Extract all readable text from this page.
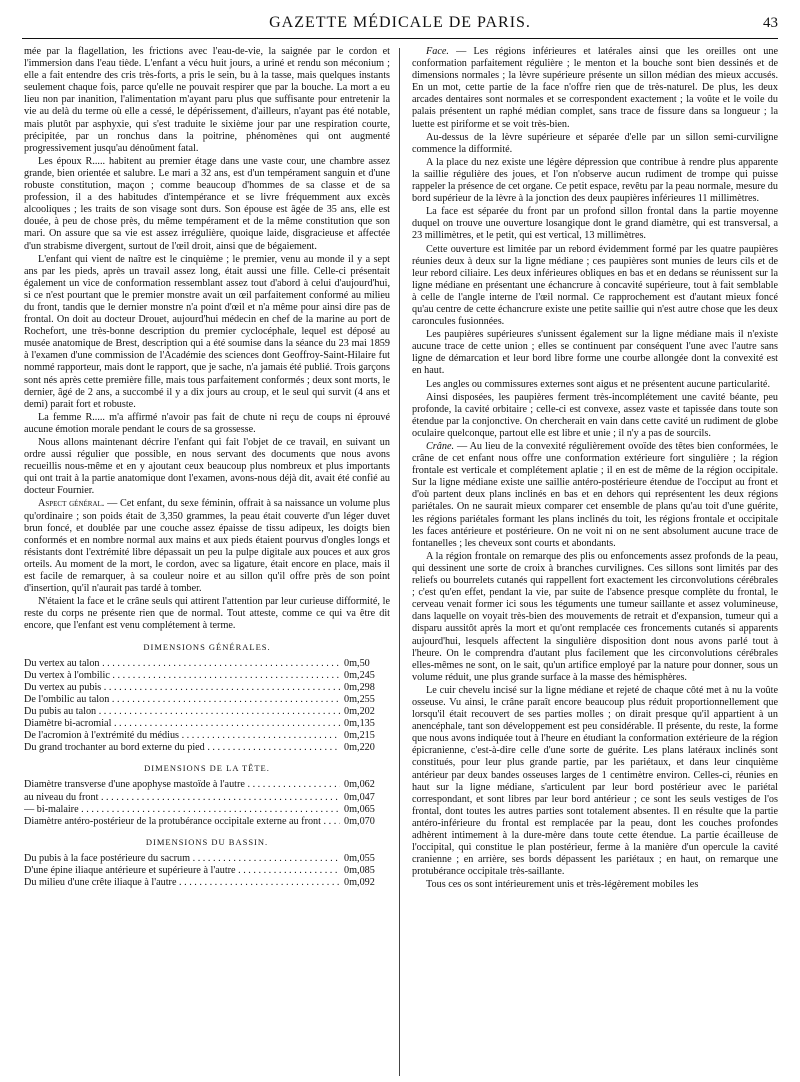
GAZETTE MÉDICALE DE PARIS.	43

mée par la flagellation, les frictions avec l'eau-de-vie, la saignée par le cordon et l'immersion dans l'eau tiède. L'enfant a vécu huit jours, a uriné et rendu son méconium ; elle a fait entendre des cris très-forts, a pris le sein, bu à la tasse, mais quelques instants seulement chaque fois, parce qu'elle ne pouvait respirer que par la bouche. La mort a eu lieu non par inanition, l'alimentation m'ayant paru plus que suffisante pour entretenir la vie au delà du terme où elle a cessé, le dépérissement, d'ailleurs, n'ayant pas été notable, mais plutôt par asphyxie, qui s'est traduite le sixième jour par une respiration courte, précipitée, par un ronchus dans la poitrine, phénomènes qui ont augmenté progressivement jusqu'au dénoûment fatal.

Les époux R..... habitent au premier étage dans une vaste cour, une chambre assez grande, bien orientée et salubre. Le mari a 32 ans, est d'un tempérament sanguin et d'une robuste constitution, maçon ; comme beaucoup d'hommes de sa classe et de sa profession, il a des habitudes d'intempérance et se livre fréquemment aux excès alcooliques ; les traits de son visage sont durs. Son épouse est âgée de 35 ans, elle est douée, à peu de chose près, du même tempérament et de la même constitution que son mari. On assure que sa vie est assez irrégulière, quoique laide, disgracieuse et affectée d'un strabisme divergent, surtout de l'œil droit, ainsi que de bégaiement.

L'enfant qui vient de naître est le cinquième ; le premier, venu au monde il y a sept ans par les pieds, après un travail assez long, était aussi une fille. Celle-ci présentait également un vice de conformation ressemblant assez tout d'abord à celui d'aujourd'hui, si ce n'est pourtant que le premier monstre avait un œil parfaitement conformé au milieu du front, tandis que le dernier monstre n'a point d'œil et n'a même pour ainsi dire pas de frontal. On doit au docteur Drouet, aujourd'hui médecin en chef de la marine au port de Rochefort, une très-bonne description du premier cyclocéphale, lequel est déposé au musée anatomique de Brest, description qui a été soumise dans la séance du 23 mai 1859 à l'examen d'une commission de l'Académie des sciences dont Geoffroy-Saint-Hilaire fut nommé rapporteur, mais dont le rapport, que je sache, n'a jamais été publié. Trois garçons sont nés après cette première fille, mais tous parfaitement conformés ; deux sont morts, le dernier, âgé de 2 ans, a succombé il y a dix jours au croup, et le seul qui survit (4 ans et demi) parait fort et robuste.

La femme R..... m'a affirmé n'avoir pas fait de chute ni reçu de coups ni éprouvé aucune émotion morale pendant le cours de sa grossesse.

Nous allons maintenant décrire l'enfant qui fait l'objet de ce travail, en suivant un ordre aussi régulier que possible, en nous servant des documents que nous avons recueillis nous-même et en y ajoutant ceux beaucoup plus nombreux et plus importants qui ont trait à la partie anatomique dont l'examen, avons-nous déjà dit, avait été confié au docteur Fournier.

Aspect général. — Cet enfant, du sexe féminin, offrait à sa naissance un volume plus qu'ordinaire ; son poids était de 3,350 grammes, la peau était couverte d'un léger duvet brun foncé, et doublée par une couche assez épaisse de tissu adipeux, les doigts bien conformés et en nombre normal aux mains et aux pieds étaient pourvus d'ongles longs et résistants dont l'extrémité libre dépassait un peu la pulpe digitale aux pouces et aux gros orteils. Au moment de la mort, le cordon, avec sa ligature, était encore en place, mais il est facile de remarquer, à sa couleur noire et au sillon qu'il offre près de son point d'insertion, qu'il n'aurait pas tardé à tomber.

N'étaient la face et le crâne seuls qui attirent l'attention par leur curieuse difformité, le reste du corps ne présente rien que de normal. Tout atteste, comme ce qui va être dit encore, que l'enfant est venu complétement à terme.

DIMENSIONS GÉNÉRALES.
Du vertex au talon . . .	0m,50
Du vertex à l'ombilic . . .	0m,245
Du vertex au pubis . . .	0m,298
De l'ombilic au talon . . .	0m,255
Du pubis au talon . . .	0m,202
Diamètre bi-acromial . . .	0m,135
De l'acromion à l'extrémité du médius . . .	0m,215
Du grand trochanter au bord externe du pied . . .	0m,220
DIMENSIONS DE LA TÊTE.
Diamètre transverse d'une apophyse mastoïde à l'autre . . .	0m,062
au niveau du front . . .	0m,047
— bi-malaire . . .	0m,065
Diamètre antéro-postérieur de la protubérance occipitale externe au front . . .	0m,070
DIMENSIONS DU BASSIN.
Du pubis à la face postérieure du sacrum . . .	0m,055
D'une épine iliaque antérieure et supérieure à l'autre . . .	0m,085
Du milieu d'une crête iliaque à l'autre . . .	0m,092

Face. — Les régions inférieures et latérales ainsi que les oreilles ont une conformation parfaitement régulière ; le menton et la bouche sont bien dessinés et de dimensions normales ; la lèvre supérieure présente un sillon médian des mieux accusés. En un mot, cette partie de la face n'offre rien que de très-naturel. De plus, les deux arcades dentaires sont normales et se correspondent exactement ; la voûte et le voile du palais présentent un raphé médian complet, sans trace de fissure dans sa longueur ; la luette est piriforme et se voit très-bien.

Au-dessus de la lèvre supérieure et séparée d'elle par un sillon semi-curviligne commence la difformité.

A la place du nez existe une légère dépression que contribue à rendre plus apparente la saillie régulière des joues, et l'on n'observe aucun rudiment de trompe qui puisse rappeler la présence de cet organe. Ce petit espace, revêtu par la peau normale, mesure du bord supérieur de la lèvre à la jonction des deux paupières inférieures 11 millimètres.

La face est séparée du front par un profond sillon frontal dans la partie moyenne duquel on trouve une ouverture losangique dont le grand diamètre, qui est transversal, a 23 millimètres, et le petit, qui est vertical, 13 millimètres.

Cette ouverture est limitée par un rebord évidemment formé par les quatre paupières réunies deux à deux sur la ligne médiane ; ces paupières sont munies de leurs cils et de leur rebord ciliaire. Les deux inférieures obliques en bas et en dedans se réunissent sur la ligne médiane en présentant une échancrure à concavité supérieure, tout à fait semblable à celle de l'angle interne de l'œil normal. Ce rapprochement est d'autant mieux foncé qu'au centre de cette échancrure existe une petite saillie qui n'est autre chose que les deux caroncules fusionnées.

Les paupières supérieures s'unissent également sur la ligne médiane mais il n'existe aucune trace de cette union ; elles se continuent par conséquent l'une avec l'autre sans ligne de démarcation et leur bord libre forme une courbe allongée dont la convexité est en haut.

Les angles ou commissures externes sont aigus et ne présentent aucune particularité.

Ainsi disposées, les paupières ferment très-incomplétement une cavité béante, peu profonde, la cavité orbitaire ; celle-ci est convexe, assez vaste et tapissée dans toute son étendue par la conjonctive. On chercherait en vain dans cette cavité un rudiment de globe oculaire quelconque, partout elle est libre et unie ; il n'y a pas de sourcils.

Crâne. — Au lieu de la convexité régulièrement ovoïde des têtes bien conformées, le crâne de cet enfant nous offre une conformation extérieure fort singulière ; la région frontale est verticale et complétement aplatie ; il en est de même de la région occipitale. Sur la ligne médiane existe une saillie antéro-postérieure étendue de l'occiput au front et d'où partent deux plans inclinés en bas et en dehors qui représentent les deux régions pariétales. On ne saurait mieux comparer cet ensemble de plans qu'au toit d'une guérite, les régions pariétales formant les plans inclinés du toit, les régions frontale et occipitale les faces antérieure et postérieure. On ne voit ni on ne sent absolument aucune trace de fontanelles ; les cheveux sont courts et abondants.

A la région frontale on remarque des plis ou enfoncements assez profonds de la peau, qui dessinent une sorte de croix à branches curvilignes. Ces sillons sont limités par des reliefs ou bourrelets cutanés qui rappellent fort exactement les circonvolutions cérébrales ; c'est qu'en effet, pendant la vie, par suite de l'absence presque complète du frontal, le cerveau venait former ici sous les téguments une tumeur saillante et assez volumineuse, dans laquelle on voyait très-bien des mouvements de retrait et d'expansion, tumeur qui a disparu aussitôt après la mort et qu'ont remplacée ces froncements cutanés si apparents aujourd'hui, lesquels affectent la singulière disposition dont nous avons parlé tout à l'heure. On le comprendra d'autant plus facilement que les circonvolutions cérébrales elles-mêmes ne sont, on le sait, qu'un artifice employé par la nature pour donner, sous un volume réduit, une plus grande surface à la masse des hémisphères.

Le cuir chevelu incisé sur la ligne médiane et rejeté de chaque côté met à nu la voûte osseuse. Vu ainsi, le crâne paraît encore beaucoup plus réduit proportionnellement que lorsqu'il était recouvert de ses parties molles ; on dirait presque qu'il appartient à un anencéphale, tant son développement est peu considérable. Il présente, du reste, la forme que nous avons indiquée tout à l'heure en étudiant la conformation extérieure de la région épicranienne, c'est-à-dire celle d'une sorte de guérite. Les plans latéraux inclinés sont constitués, pour leur plus grande partie, par les pariétaux, et dans leur cinquième antérieur par deux bandes osseuses larges de 1 centimètre environ. Celles-ci, réunies en haut sur la ligne médiane, s'articulent par leur bord postérieur avec le pariétal correspondant, et sont libres par leur bord antérieur ; ce sont les seuls vestiges de l'os frontal, dont toutes les autres parties sont totalement absentes. Il en résulte que la partie antéro-inférieure du frontal est remplacée par la peau, dont les couches profondes adhèrent intimement à la dure-mère dans toute cette étendue. La partie écailleuse de l'occipital, qui constitue le plan postérieur, ferme à la manière d'un opercule la cavité cranienne ; en arrière, ses bords dépassent les pariétaux ; en haut, on remarque une protubérance occipitale très-saillante.

Tous ces os sont intérieurement unis et très-légèrement mobiles les
